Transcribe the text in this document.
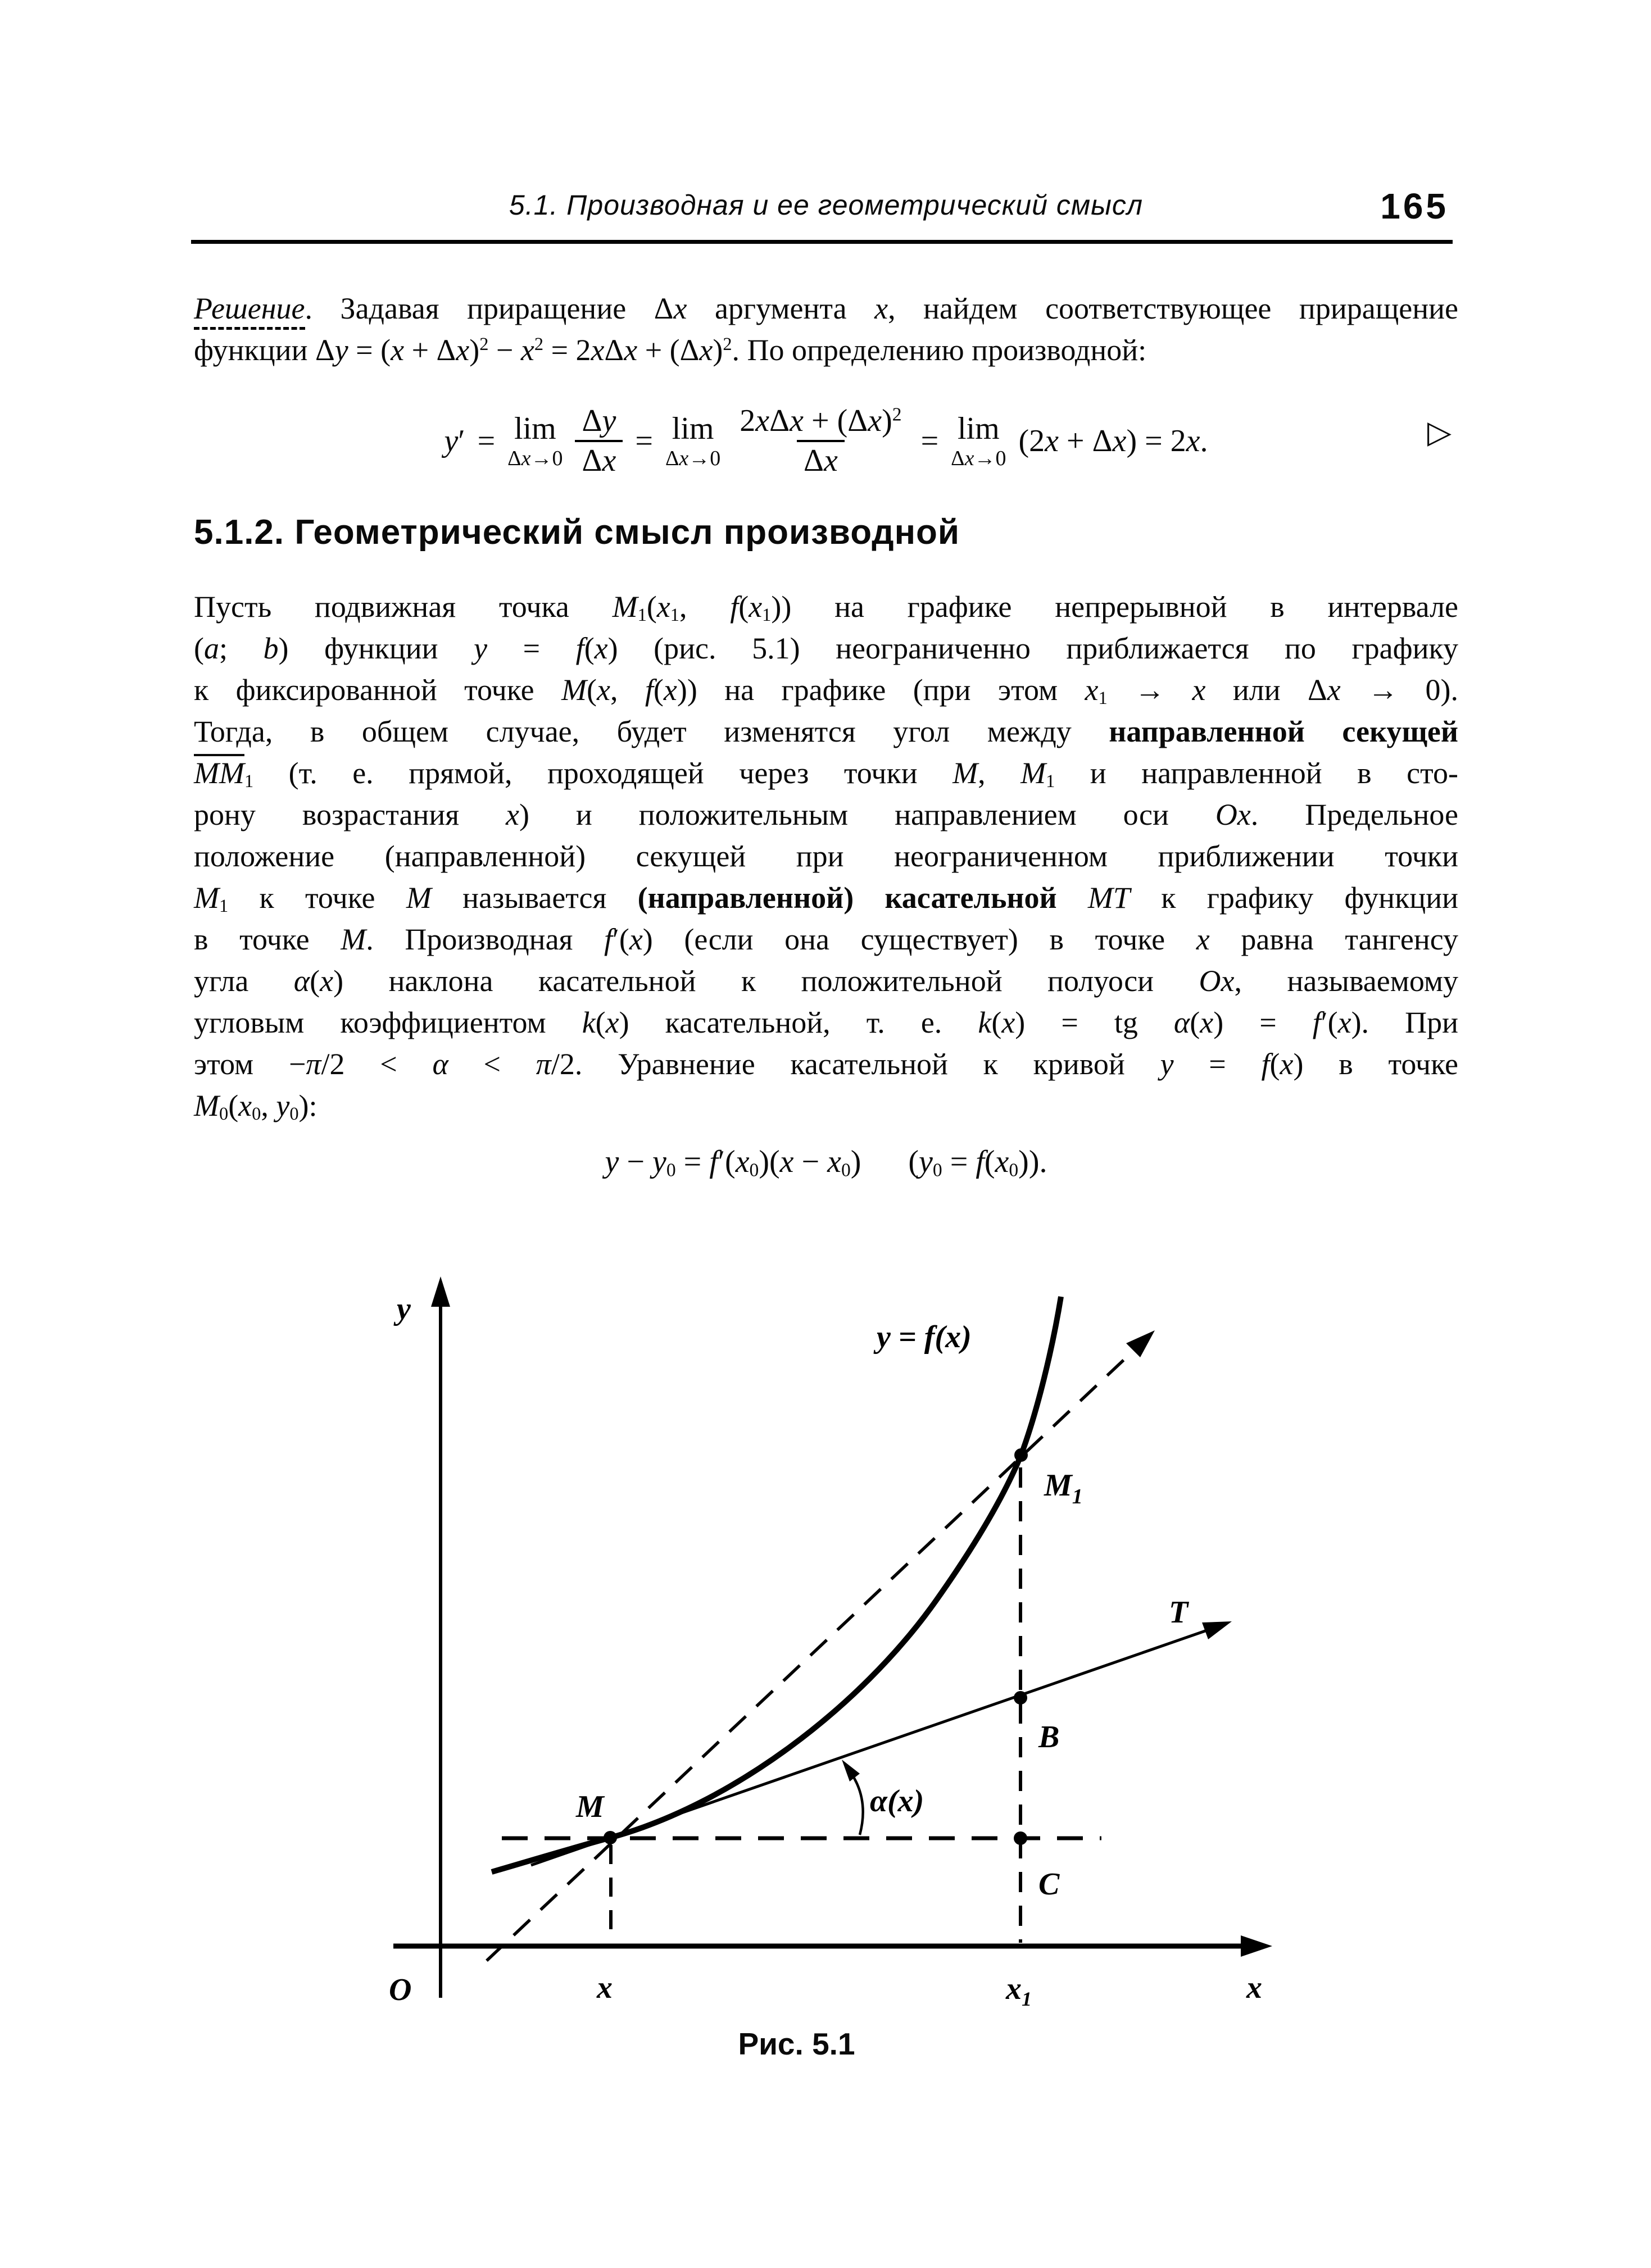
5.1. Производная и ее геометрический смысл	165
Решение. Задавая приращение Δx аргумента x, найдем соответствующее приращение
функции $\Delta y = (x + \Delta x)^2 - x^2 = 2x\Delta x + (\Delta x)^2$. По определению производной:
y′ = lim
$\Delta x\to 0 \frac{\Delta y}{\Delta x} = \lim$
$\Delta x\to 0 \frac{2x\Delta x + (\Delta x)^2}{\Delta x} = \lim$
Δx→0 (2x + Δx) = 2x.	▷
5.1.2. Геометрический смысл производной
Пусть подвижная точка $M_1(x_1$, $f(x_1)$) на графике непрерывной в интервале
(a; b) функции y = f(x) (рис. 5.1) неограниченно приближается по графику
к фиксированной точке M(x, f(x)) на графике (при этом $x_1 \to x$ или Δx → 0).
Тогда, в общем случае, будет изменятся угол между направленной секущей
$\overline{MM}_1$ (т. е. прямой, проходящей через точки M, $M_1$ и направленной в сто-
рону возрастания x) и положительным направлением оси Ox. Предельное
положение (направленной) секущей при неограниченном приближении точки
$M_1$ к точке M называется (направленной) касательной MT к графику функции
в точке M. Производная f′(x) (если она существует) в точке x равна тангенсу
угла α(x) наклона касательной к положительной полуоси Ox, называемому
угловым коэффициентом k(x) касательной, т. е. k(x) = tg α(x) = f′(x). При
этом −π/2 < α < π/2. Уравнение касательной к кривой y = f(x) в точке
$M_0(x_0$, $y_0$):
$y - y_0 = f'(x_0)(x - x_0)$  $(y_0 = f(x_0))$.
y
x
O
y = f(x)
M
$M_1$
B
C
T
α(x)
x	$x_1$
Рис. 5.1
